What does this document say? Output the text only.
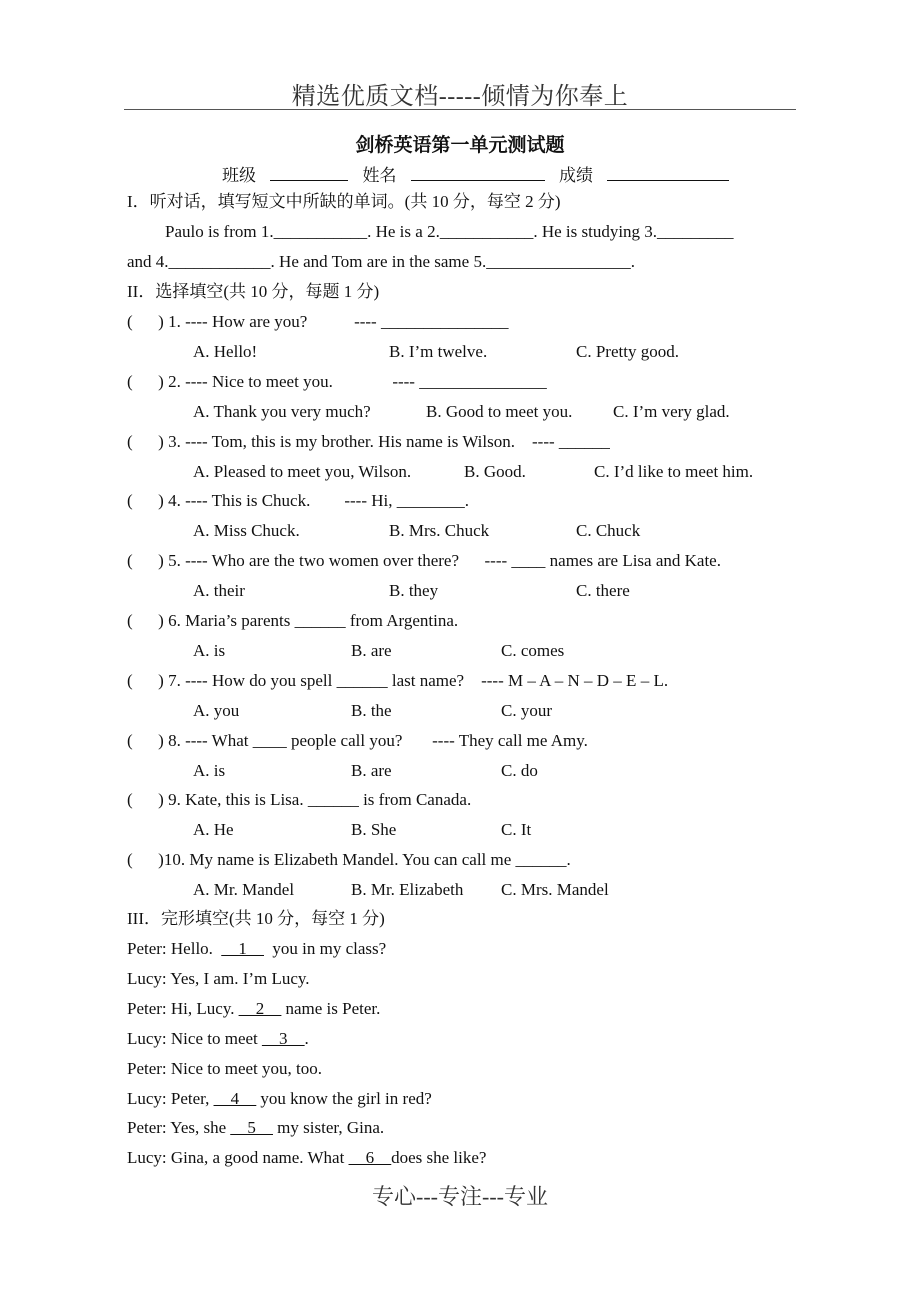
精选优质文档-----倾情为你奉上
剑桥英语第一单元测试题
班级	姓名	成绩
I．听对话，填写短文中所缺的单词。(共 10 分，每空 2 分)
Paulo is from 1.___________. He is a 2.___________. He is studying 3._________
and 4.____________. He and Tom are in the same 5._________________.
II．选择填空(共 10 分，每题 1 分)
(      ) 1. ---- How are you?           ---- _______________
A. Hello!	B. I’m twelve.	C. Pretty good.
(      ) 2. ---- Nice to meet you.              ---- _______________
A. Thank you very much?	B. Good to meet you. C. I’m very glad.
(      ) 3. ---- Tom, this is my brother. His name is Wilson.    ---- ______
A. Pleased to meet you, Wilson.	B. Good.	C. I’d like to meet him.
(      ) 4. ---- This is Chuck.        ---- Hi, ________.
A. Miss Chuck.	B. Mrs. Chuck	C. Chuck
(      ) 5. ---- Who are the two women over there?      ---- ____ names are Lisa and Kate.
A. their	B. they	C. there
(      ) 6. Maria’s parents ______ from Argentina.
A. is	B. are	C. comes
(      ) 7. ---- How do you spell ______ last name?    ---- M – A – N – D – E – L.
A. you	B. the	C. your
(      ) 8. ---- What ____ people call you?       ---- They call me Amy.
A. is	B. are	C. do
(      ) 9. Kate, this is Lisa. ______ is from Canada.
A. He	B. She	C. It
(      )10. My name is Elizabeth Mandel. You can call me ______.
A. Mr. Mandel	B. Mr. Elizabeth C. Mrs. Mandel
III．完形填空(共 10 分，每空 1 分)
Peter: Hello.  __1__  you in my class?
Lucy: Yes, I am. I’m Lucy.
Peter: Hi, Lucy. __2__ name is Peter.
Lucy: Nice to meet __3__.
Peter: Nice to meet you, too.
Lucy: Peter, __4__ you know the girl in red?
Peter: Yes, she __5__ my sister, Gina.
Lucy: Gina, a good name. What __6__does she like?
专心---专注---专业
